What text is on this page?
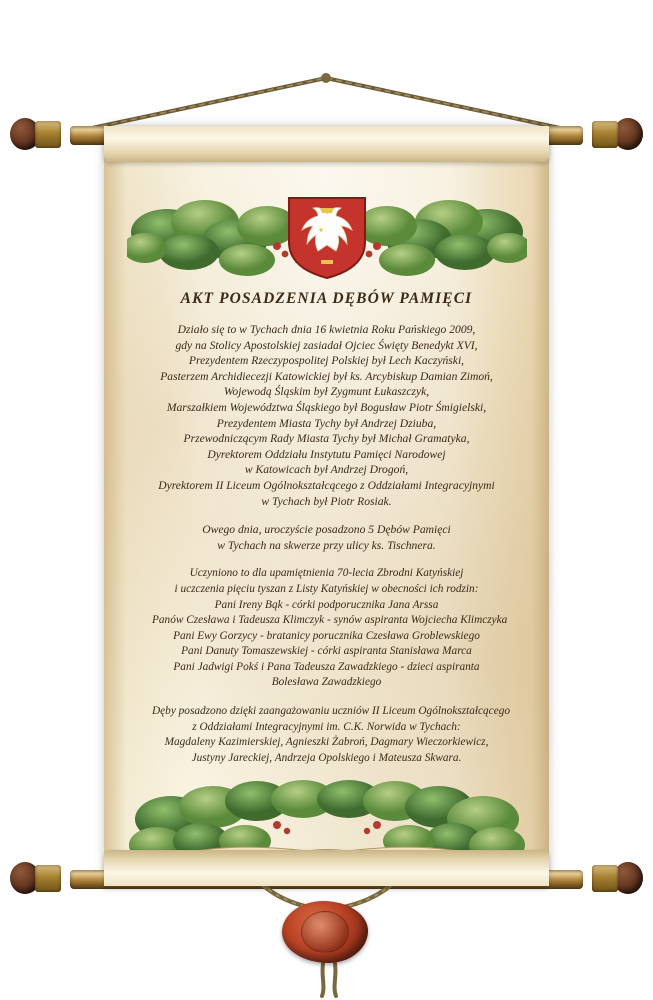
AKT POSADZENIA DĘBÓW PAMIĘCI
Działo się to w Tychach dnia 16 kwietnia Roku Pańskiego 2009,
gdy na Stolicy Apostolskiej zasiadał Ojciec Święty Benedykt XVI,
Prezydentem Rzeczypospolitej Polskiej był Lech Kaczyński,
Pasterzem Archidiecezji Katowickiej był ks. Arcybiskup Damian Zimoń,
Wojewodą Śląskim był Zygmunt Łukaszczyk,
Marszałkiem Województwa Śląskiego był Bogusław Piotr Śmigielski,
Prezydentem Miasta Tychy był Andrzej Dziuba,
Przewodniczącym Rady Miasta Tychy był Michał Gramatyka,
Dyrektorem Oddziału Instytutu Pamięci Narodowej
w Katowicach był Andrzej Drogoń,
Dyrektorem II Liceum Ogólnokształcącego z Oddziałami Integracyjnymi
w Tychach był Piotr Rosiak.
Owego dnia, uroczyście posadzono 5 Dębów Pamięci
w Tychach na skwerze przy ulicy ks. Tischnera.
Uczyniono to dla upamiętnienia 70-lecia Zbrodni Katyńskiej
i uczczenia pięciu tyszan z Listy Katyńskiej w obecności ich rodzin:
Pani Ireny Bąk - córki podporucznika Jana Arssa
Panów Czesława i Tadeusza Klimczyk - synów aspiranta Wojciecha Klimczyka
Pani Ewy Gorzycy - bratanicy porucznika Czesława Groblewskiego
Pani Danuty Tomaszewskiej - córki aspiranta Stanisława Marca
Pani Jadwigi Pokś i Pana Tadeusza Zawadzkiego - dzieci aspiranta
Bolesława Zawadzkiego
Dęby posadzono dzięki zaangażowaniu uczniów II Liceum Ogólnokształcącego
z Oddziałami Integracyjnymi im. C.K. Norwida w Tychach:
Magdaleny Kazimierskiej, Agnieszki Żabroń, Dagmary Wieczorkiewicz,
Justyny Jareckiej, Andrzeja Opolskiego i Mateusza Skwara.
